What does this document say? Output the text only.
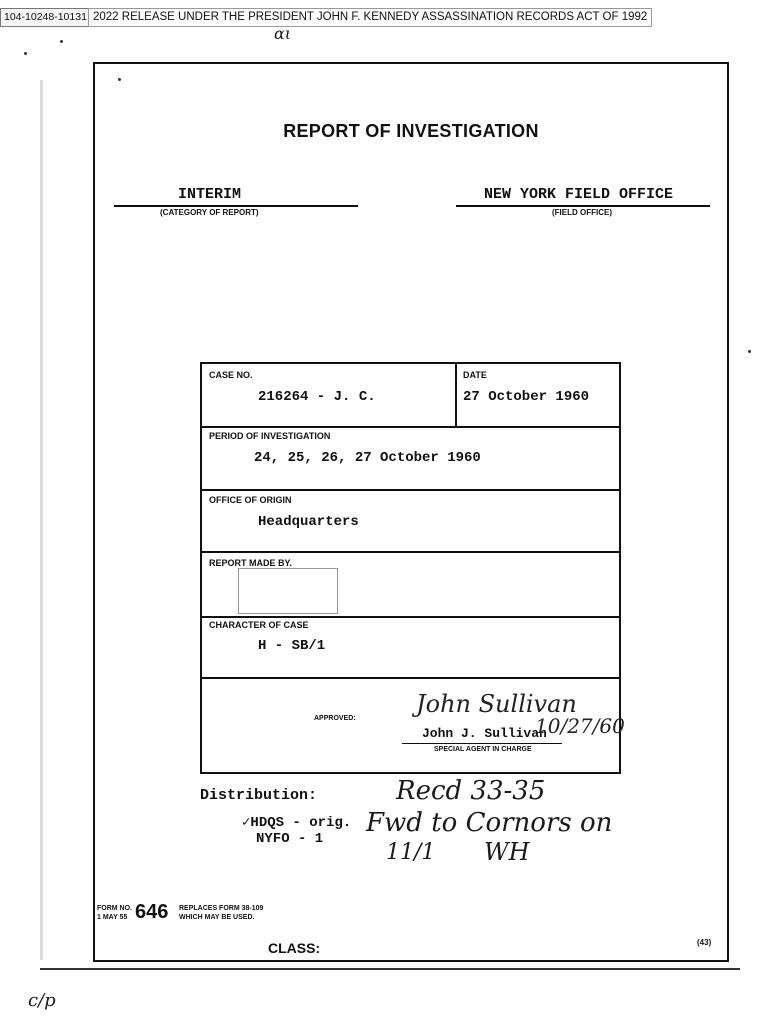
104-10248-10131 2022 RELEASE UNDER THE PRESIDENT JOHN F. KENNEDY ASSASSINATION RECORDS ACT OF 1992
αι
REPORT OF INVESTIGATION
INTERIM
(CATEGORY OF REPORT)
NEW YORK FIELD OFFICE
(FIELD OFFICE)
CASE NO.
216264 - J. C.
DATE
27 October 1960
PERIOD OF INVESTIGATION
24, 25, 26, 27 October 1960
OFFICE OF ORIGIN
Headquarters
REPORT MADE BY.
CHARACTER OF CASE
H - SB/1
APPROVED:
John Sullivan
John J. Sullivan
10/27/60
SPECIAL AGENT IN CHARGE
Distribution:
✓HDQS - orig.
NYFO - 1
Recd 33-35
Fwd to Cornors on
11/1 WH
FORM NO.
1 MAY 55 646 REPLACES FORM 38-109
WHICH MAY BE USED.
CLASS:	(43)
c/p
